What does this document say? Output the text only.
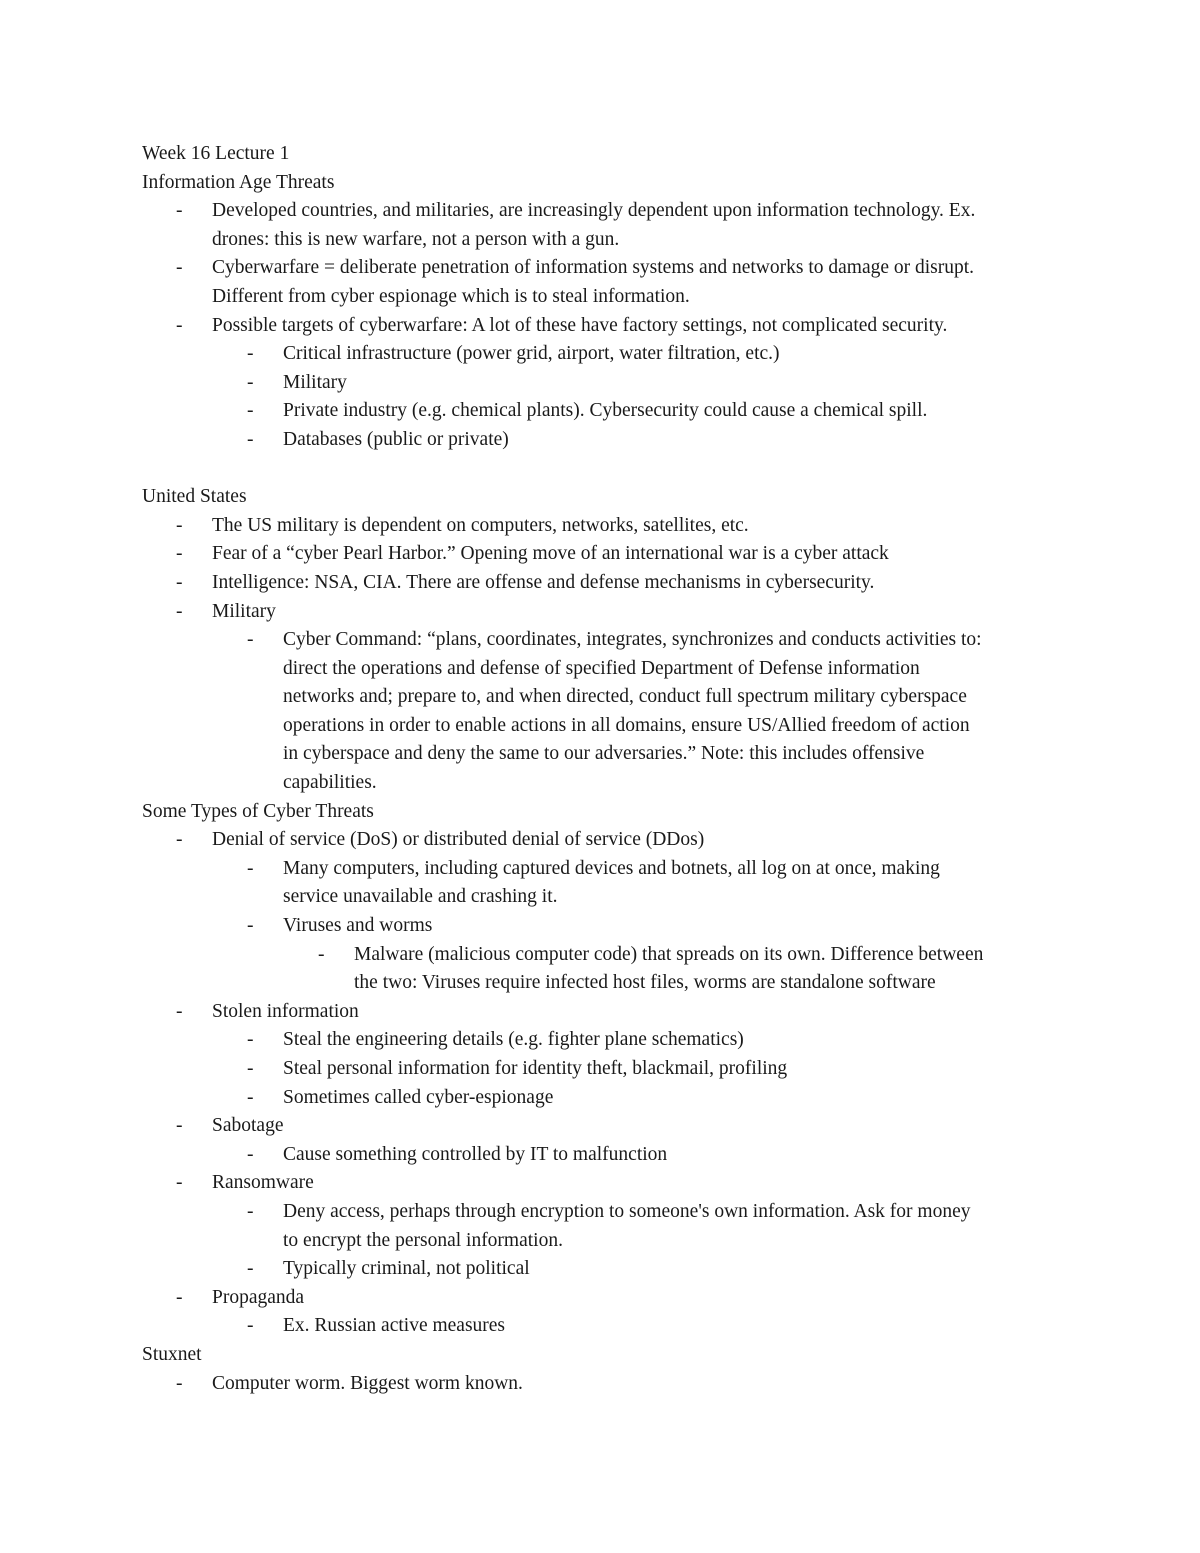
Week 16 Lecture 1
Information Age Threats
- Developed countries, and militaries, are increasingly dependent upon information technology. Ex.
drones: this is new warfare, not a person with a gun.
- Cyberwarfare = deliberate penetration of information systems and networks to damage or disrupt.
Different from cyber espionage which is to steal information.
- Possible targets of cyberwarfare: A lot of these have factory settings, not complicated security.
- Critical infrastructure (power grid, airport, water filtration, etc.)
- Military
- Private industry (e.g. chemical plants). Cybersecurity could cause a chemical spill.
- Databases (public or private)
United States
- The US military is dependent on computers, networks, satellites, etc.
- Fear of a “cyber Pearl Harbor.” Opening move of an international war is a cyber attack
- Intelligence: NSA, CIA. There are offense and defense mechanisms in cybersecurity.
- Military
- Cyber Command: “plans, coordinates, integrates, synchronizes and conducts activities to:
direct the operations and defense of specified Department of Defense information
networks and; prepare to, and when directed, conduct full spectrum military cyberspace
operations in order to enable actions in all domains, ensure US/Allied freedom of action
in cyberspace and deny the same to our adversaries.” Note: this includes offensive
capabilities.
Some Types of Cyber Threats
- Denial of service (DoS) or distributed denial of service (DDos)
- Many computers, including captured devices and botnets, all log on at once, making
service unavailable and crashing it.
- Viruses and worms
- Malware (malicious computer code) that spreads on its own. Difference between
the two: Viruses require infected host files, worms are standalone software
- Stolen information
- Steal the engineering details (e.g. fighter plane schematics)
- Steal personal information for identity theft, blackmail, profiling
- Sometimes called cyber-espionage
- Sabotage
- Cause something controlled by IT to malfunction
- Ransomware
- Deny access, perhaps through encryption to someone's own information. Ask for money
to encrypt the personal information.
- Typically criminal, not political
- Propaganda
- Ex. Russian active measures
Stuxnet
- Computer worm. Biggest worm known.
